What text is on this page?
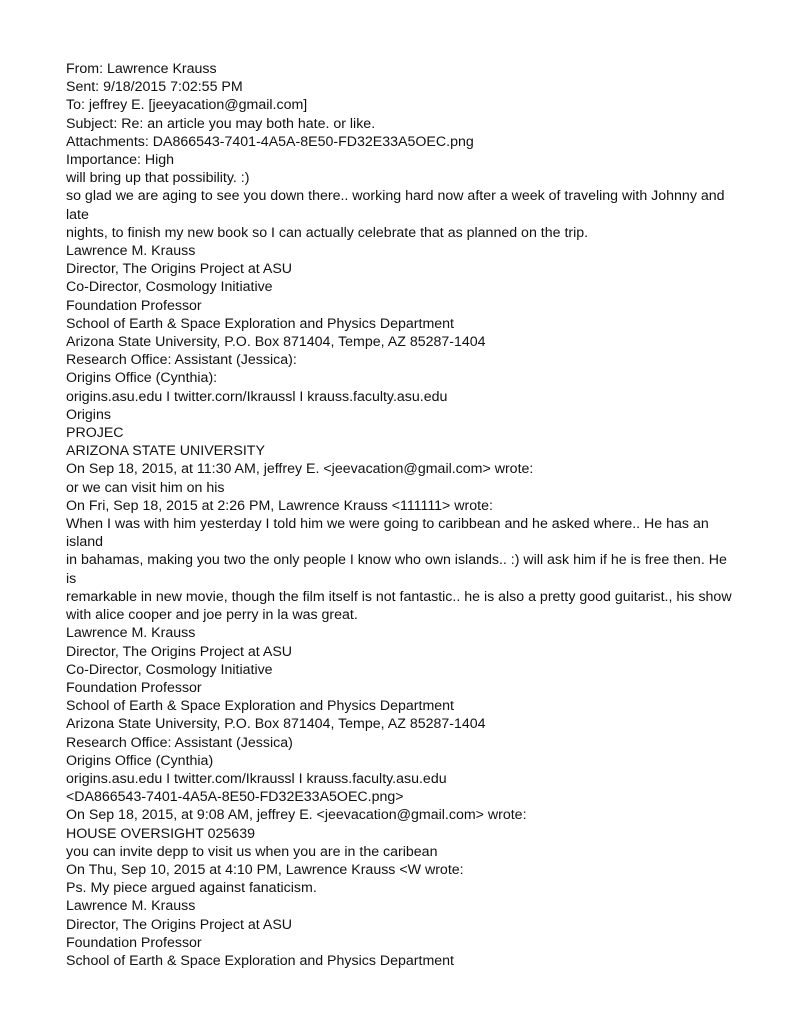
From: Lawrence Krauss

Sent: 9/18/2015 7:02:55 PM

To: jeffrey E. [jeeyacation@gmail.com]

Subject: Re: an article you may both hate. or like.

Attachments: DA866543-7401-4A5A-8E50-FD32E33A5OEC.png

Importance: High

will bring up that possibility. :)

so glad we are aging to see you down there.. working hard now after a week of traveling with Johnny and late

nights, to finish my new book so I can actually celebrate that as planned on the trip.

Lawrence M. Krauss

Director, The Origins Project at ASU

Co-Director, Cosmology Initiative

Foundation Professor

School of Earth & Space Exploration and Physics Department

Arizona State University, P.O. Box 871404, Tempe, AZ 85287-1404

Research Office: Assistant (Jessica):

Origins Office (Cynthia):

origins.asu.edu I twitter.corn/Ikraussl I krauss.faculty.asu.edu

Origins

PROJEC

ARIZONA STATE UNIVERSITY

On Sep 18, 2015, at 11:30 AM, jeffrey E. <jeevacation@gmail.com> wrote:

or we can visit him on his

On Fri, Sep 18, 2015 at 2:26 PM, Lawrence Krauss <111111> wrote:

When I was with him yesterday I told him we were going to caribbean and he asked where.. He has an island

in bahamas, making you two the only people I know who own islands.. :) will ask him if he is free then. He is

remarkable in new movie, though the film itself is not fantastic.. he is also a pretty good guitarist., his show

with alice cooper and joe perry in la was great.

Lawrence M. Krauss

Director, The Origins Project at ASU

Co-Director, Cosmology Initiative

Foundation Professor

School of Earth & Space Exploration and Physics Department

Arizona State University, P.O. Box 871404, Tempe, AZ 85287-1404

Research Office: Assistant (Jessica)

Origins Office (Cynthia)

origins.asu.edu I twitter.com/Ikraussl I krauss.faculty.asu.edu

<DA866543-7401-4A5A-8E50-FD32E33A5OEC.png>

On Sep 18, 2015, at 9:08 AM, jeffrey E. <jeevacation@gmail.com> wrote:

HOUSE OVERSIGHT 025639

you can invite depp to visit us when you are in the caribean

On Thu, Sep 10, 2015 at 4:10 PM, Lawrence Krauss <W wrote:

Ps. My piece argued against fanaticism.

Lawrence M. Krauss

Director, The Origins Project at ASU

Foundation Professor

School of Earth & Space Exploration and Physics Department
